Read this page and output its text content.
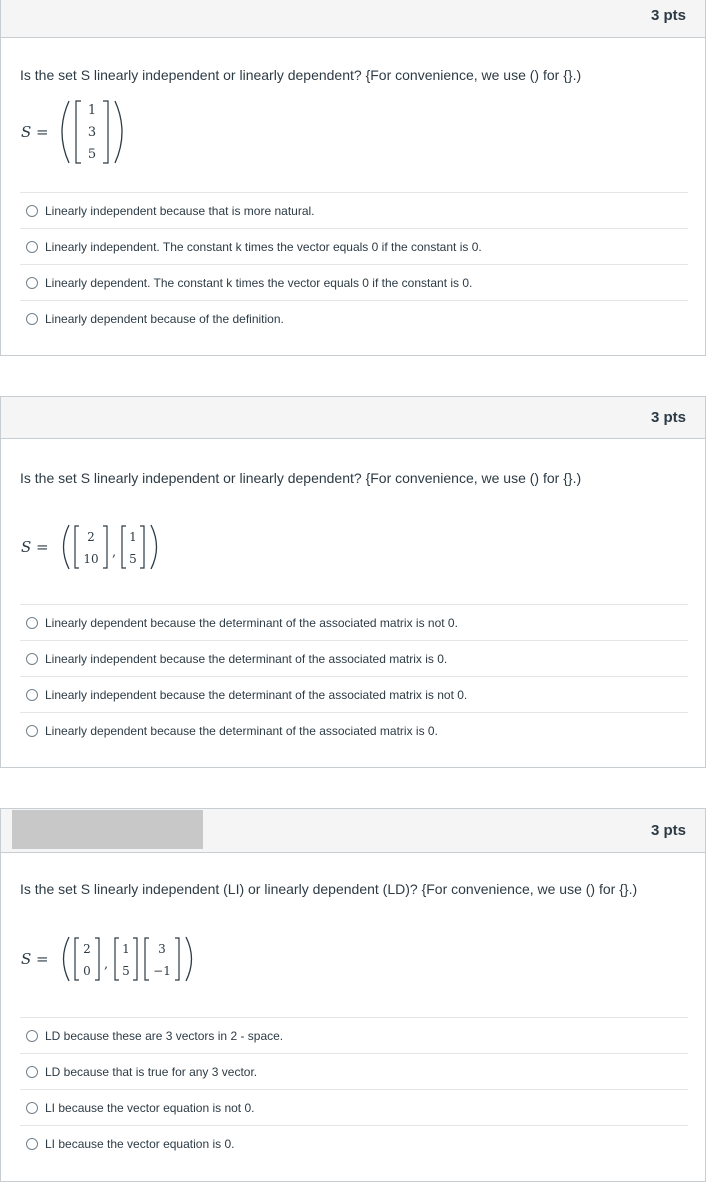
3 pts
Is the set S linearly independent or linearly dependent? {For convenience, we use () for {}.)
S =
1
3
5
Linearly independent because that is more natural.
Linearly independent. The constant k times the vector equals 0 if the constant is 0.
Linearly dependent. The constant k times the vector equals 0 if the constant is 0.
Linearly dependent because of the definition.
3 pts
Is the set S linearly independent or linearly dependent? {For convenience, we use () for {}.)
S =
2
10 ,
1
5
Linearly dependent because the determinant of the associated matrix is not 0.
Linearly independent because the determinant of the associated matrix is 0.
Linearly independent because the determinant of the associated matrix is not 0.
Linearly dependent because the determinant of the associated matrix is 0.
3 pts
Is the set S linearly independent (LI) or linearly dependent (LD)? {For convenience, we use () for {}.)
S =
2
0 ,
1
5
3
−1
LD because these are 3 vectors in 2 - space.
LD because that is true for any 3 vector.
LI because the vector equation is not 0.
LI because the vector equation is 0.
